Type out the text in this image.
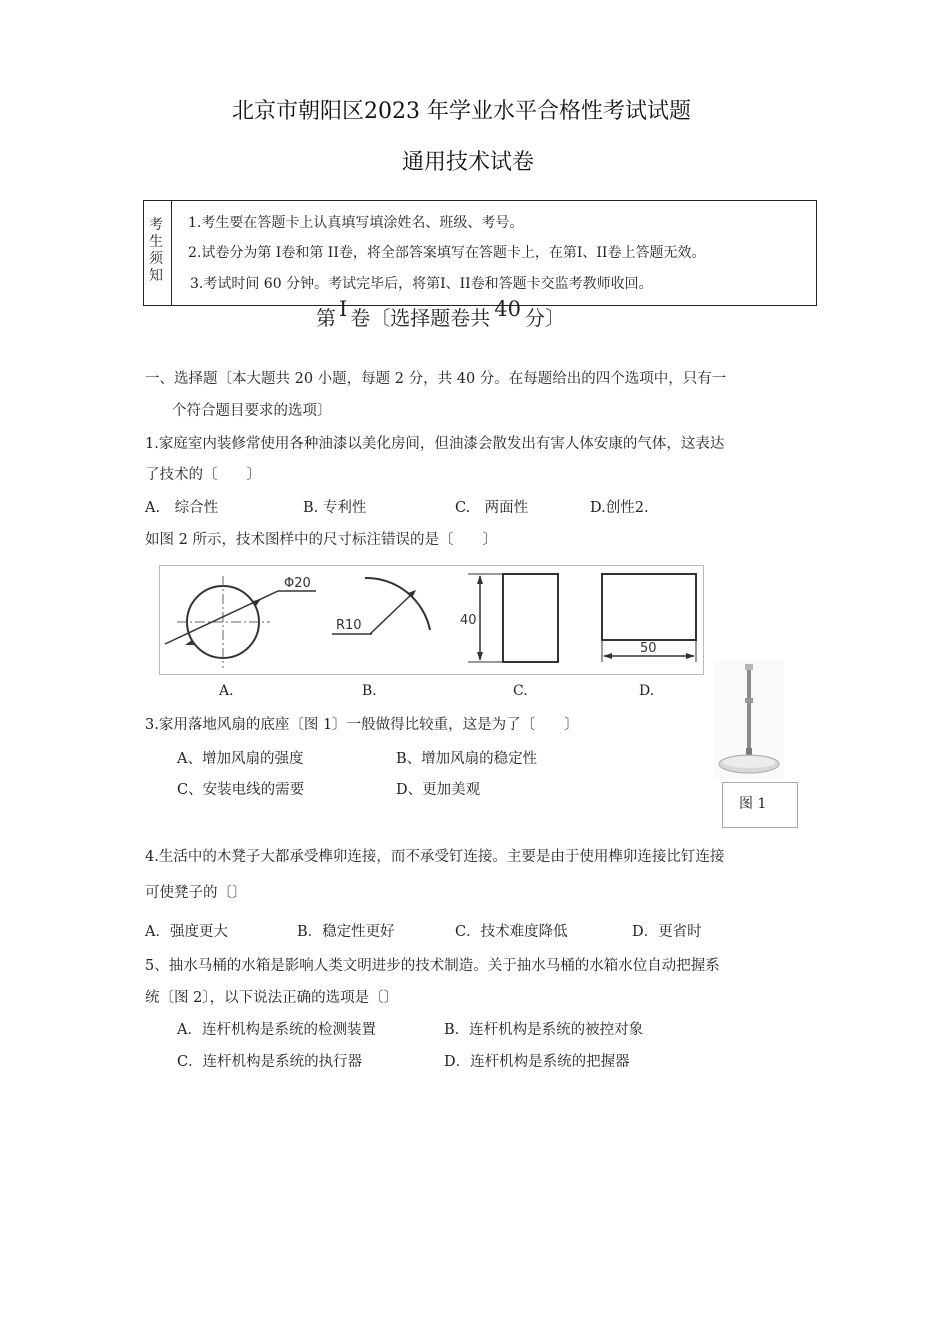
北京市朝阳区2023 年学业水平合格性考试试题
通用技术试卷
考生须知
1.考生要在答题卡上认真填写填涂姓名、班级、考号。
2.试卷分为第 I卷和第 II卷，将全部答案填写在答题卡上，在第I、II卷上答题无效。
3.考试时间 60 分钟。考试完毕后，将第I、II卷和答题卡交监考教师收回。
第 I 卷〔选择题卷共 40 分〕
一、选择题〔本大题共 20 小题，每题 2 分，共 40 分。在每题给出的四个选项中，只有一
个符合题目要求的选项〕
1.家庭室内装修常使用各种油漆以美化房间，但油漆会散发出有害人体安康的气体，这表达
了技术的〔　　〕
A.　综合性	B. 专利性	C.　两面性	D.创性2.
如图 2 所示，技术图样中的尺寸标注错误的是〔　　〕
Φ20
R10	40
50
A.	B.	C.	D.
图 1
3.家用落地风扇的底座〔图 1〕一般做得比较重，这是为了〔　　〕
A、增加风扇的强度	B、增加风扇的稳定性
C、安装电线的需要	D、更加美观
4.生活中的木凳子大都承受榫卯连接，而不承受钉连接。主要是由于使用榫卯连接比钉连接
可使凳子的〔〕
A．强度更大	B．稳定性更好	C．技术难度降低	D．更省时
5、抽水马桶的水箱是影响人类文明进步的技术制造。关于抽水马桶的水箱水位自动把握系
统〔图 2〕，以下说法正确的选项是〔〕
A．连杆机构是系统的检测装置	B．连杆机构是系统的被控对象
C．连杆机构是系统的执行器	D．连杆机构是系统的把握器
